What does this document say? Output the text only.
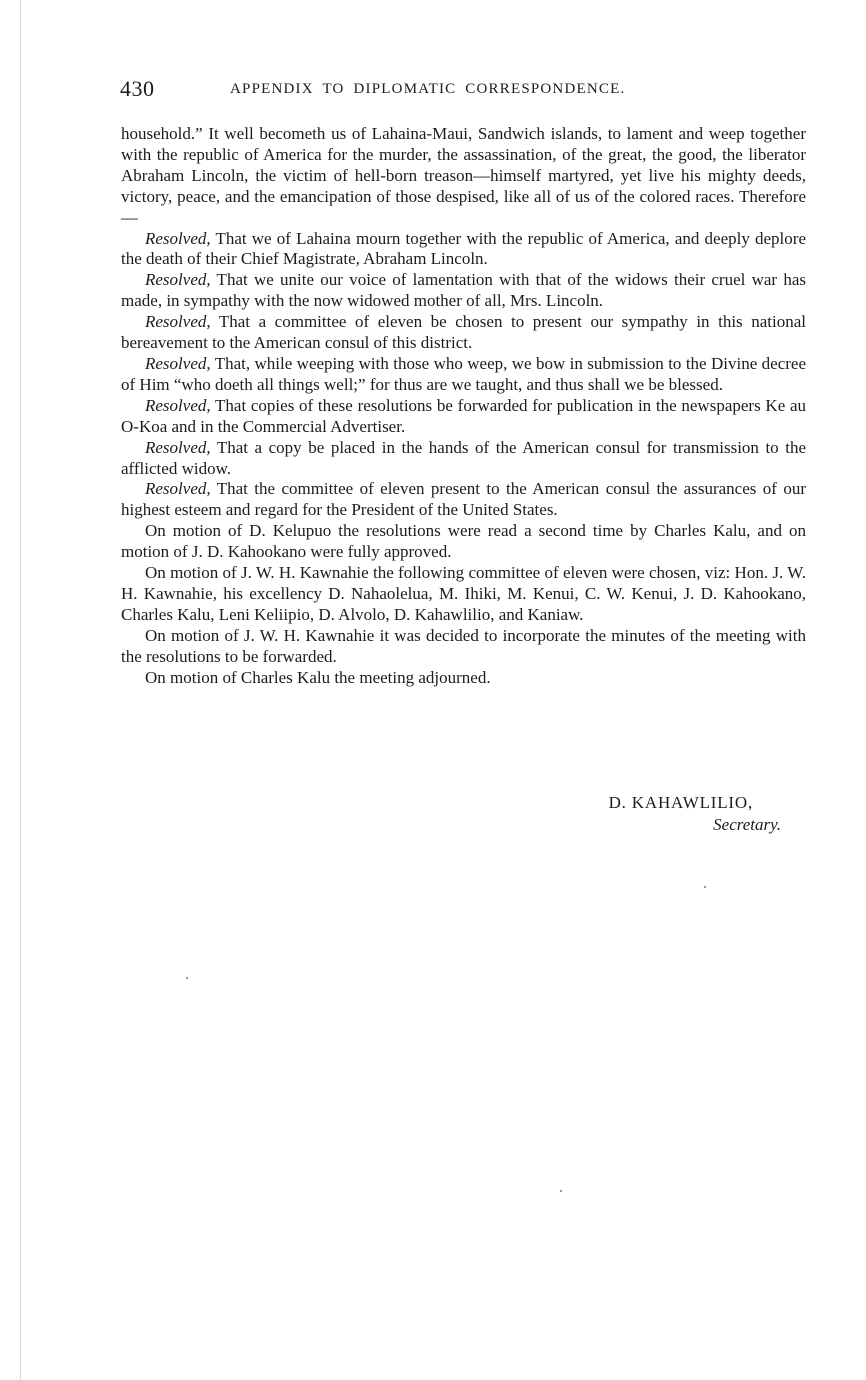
430	APPENDIX TO DIPLOMATIC CORRESPONDENCE.

household.” It well becometh us of Lahaina-Maui, Sandwich islands, to lament and weep together with the republic of America for the murder, the assassination, of the great, the good, the liberator Abraham Lincoln, the victim of hell-born treason—himself martyred, yet live his mighty deeds, victory, peace, and the emancipation of those despised, like all of us of the colored races. Therefore—

Resolved, That we of Lahaina mourn together with the republic of America, and deeply deplore the death of their Chief Magistrate, Abraham Lincoln.

Resolved, That we unite our voice of lamentation with that of the widows their cruel war has made, in sympathy with the now widowed mother of all, Mrs. Lincoln.

Resolved, That a committee of eleven be chosen to present our sympathy in this national bereavement to the American consul of this district.

Resolved, That, while weeping with those who weep, we bow in submission to the Divine decree of Him “who doeth all things well;” for thus are we taught, and thus shall we be blessed.

Resolved, That copies of these resolutions be forwarded for publication in the newspapers Ke au O-Koa and in the Commercial Advertiser.

Resolved, That a copy be placed in the hands of the American consul for transmission to the afflicted widow.

Resolved, That the committee of eleven present to the American consul the assurances of our highest esteem and regard for the President of the United States.

On motion of D. Kelupuo the resolutions were read a second time by Charles Kalu, and on motion of J. D. Kahookano were fully approved.

On motion of J. W. H. Kawnahie the following committee of eleven were chosen, viz: Hon. J. W. H. Kawnahie, his excellency D. Nahaolelua, M. Ihiki, M. Kenui, C. W. Kenui, J. D. Kahookano, Charles Kalu, Leni Keliipio, D. Alvolo, D. Kahawlilio, and Kaniaw.

On motion of J. W. H. Kawnahie it was decided to incorporate the minutes of the meeting with the resolutions to be forwarded.

On motion of Charles Kalu the meeting adjourned.

D. KAHAWLILIO,
Secretary.
